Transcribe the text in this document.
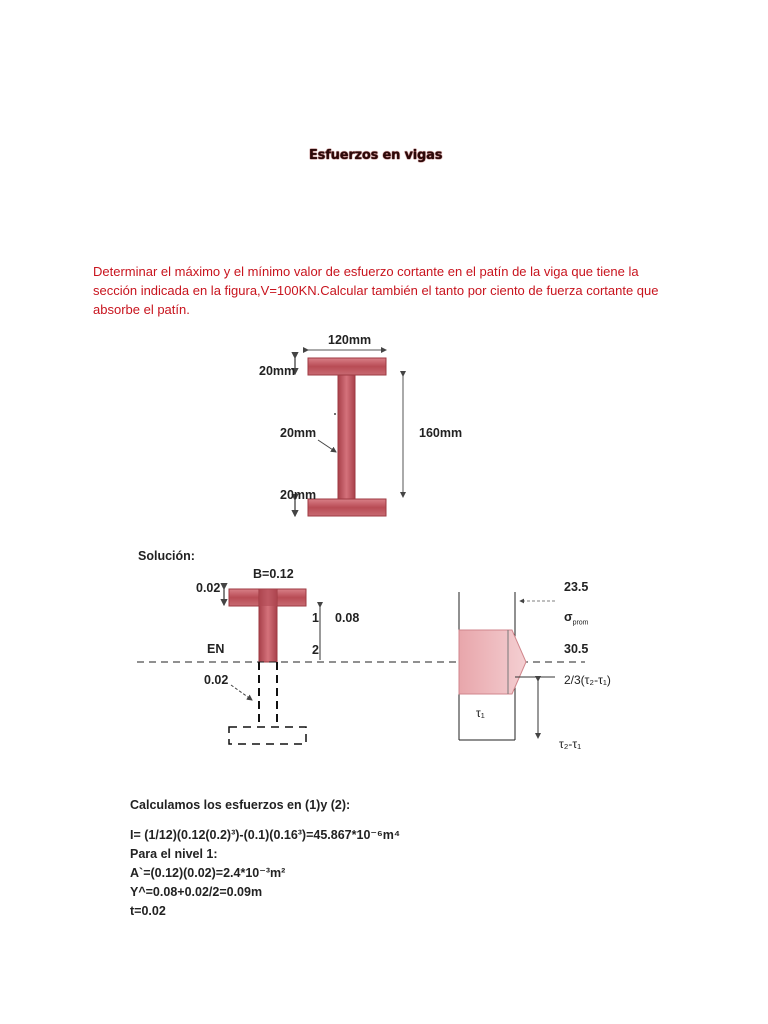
Esfuerzos en vigas
Determinar el máximo y el mínimo valor de esfuerzo cortante en el patín de la viga que tiene la
sección indicada en la figura,V=100KN.Calcular también el tanto por ciento de fuerza cortante que
absorbe el patín.
120mm
20mm
20mm	160mm
20mm
Solución:
B=0.12
0.02
1 0.08
EN	2
0.02
23.5
$\sigma_{prom}$
30.5
2/3(τ₂-τ₁)
τ₁
τ₂-τ₁
Calculamos los esfuerzos en (1)y (2):
I= (1/12)(0.12(0.2)³)-(0.1)(0.16³)=45.867*10⁻⁶m⁴
Para el nivel 1:
A`=(0.12)(0.02)=2.4*10⁻³m²
Y^=0.08+0.02/2=0.09m
t=0.02
